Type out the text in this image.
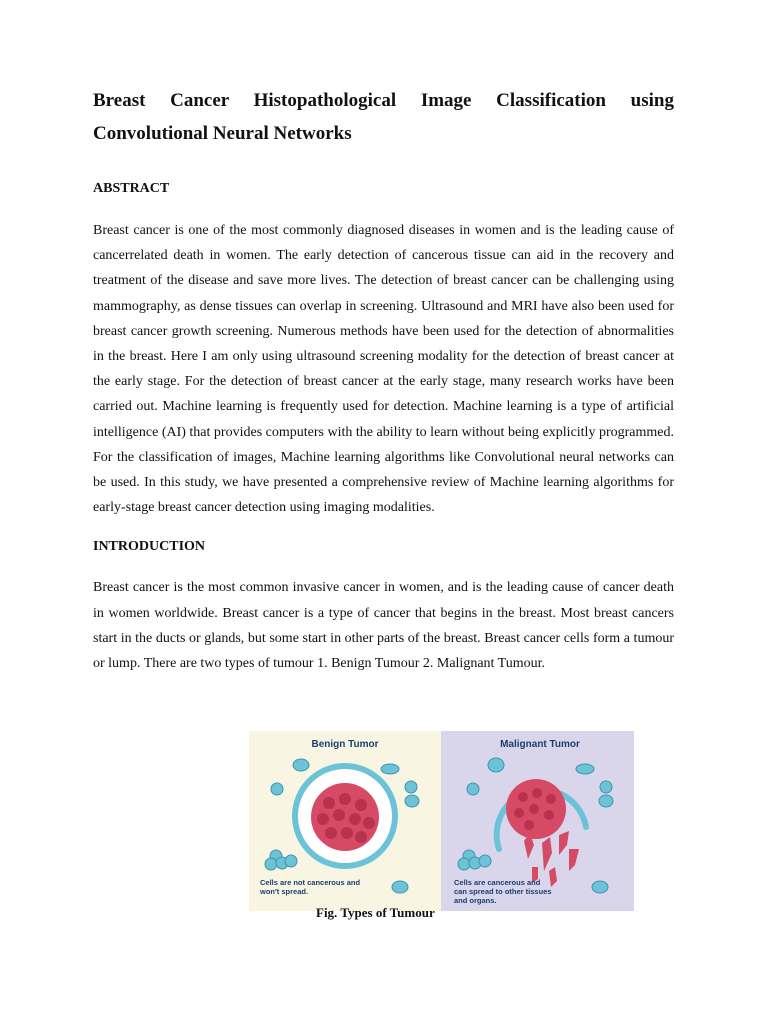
Breast Cancer Histopathological Image Classification using Convolutional Neural Networks
ABSTRACT

Breast cancer is one of the most commonly diagnosed diseases in women and is the leading cause of cancerrelated death in women. The early detection of cancerous tissue can aid in the recovery and treatment of the disease and save more lives. The detection of breast cancer can be challenging using mammography, as dense tissues can overlap in screening. Ultrasound and MRI have also been used for breast cancer growth screening. Numerous methods have been used for the detection of abnormalities in the breast. Here I am only using ultrasound screening modality for the detection of breast cancer at the early stage. For the detection of breast cancer at the early stage, many research works have been carried out. Machine learning is frequently used for detection. Machine learning is a type of artificial intelligence (AI) that provides computers with the ability to learn without being explicitly programmed. For the classification of images, Machine learning algorithms like Convolutional neural networks can be used. In this study, we have presented a comprehensive review of Machine learning algorithms for early-stage breast cancer detection using imaging modalities.

INTRODUCTION

Breast cancer is the most common invasive cancer in women, and is the leading cause of cancer death in women worldwide. Breast cancer is a type of cancer that begins in the breast. Most breast cancers start in the ducts or glands, but some start in other parts of the breast. Breast cancer cells form a tumour or lump. There are two types of tumour 1. Benign Tumour 2. Malignant Tumour.

Benign Tumor	Malignant Tumor
Cells are not cancerous and
won't spread.
Cells are cancerous and
can spread to other tissues
and organs.
Fig. Types of Tumour
